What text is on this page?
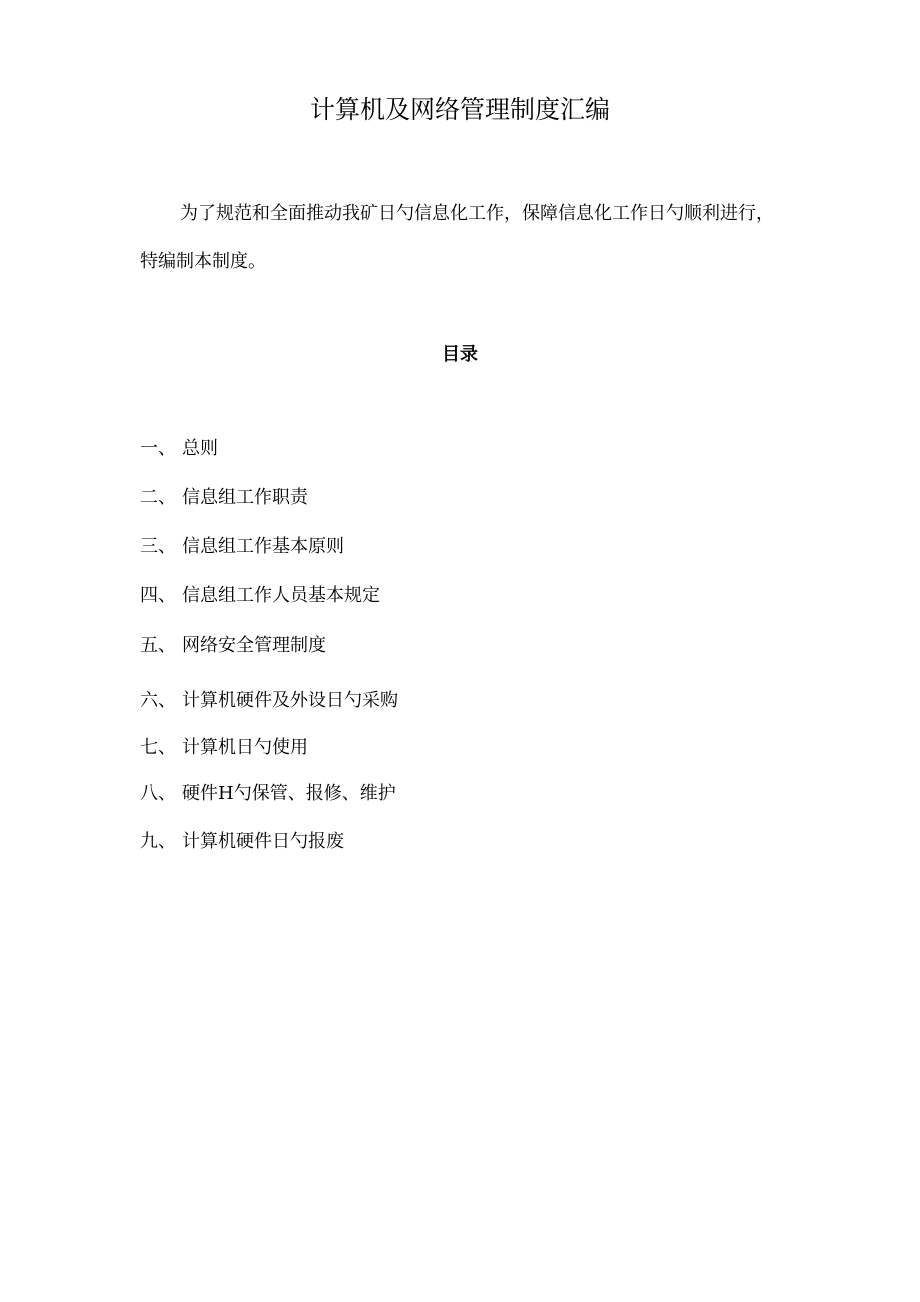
计算机及网络管理制度汇编

为了规范和全面推动我矿日勺信息化工作，保障信息化工作日勺顺利进行，特编制本制度。

目录
一、 总则
二、 信息组工作职责
三、 信息组工作基本原则
四、 信息组工作人员基本规定
五、 网络安全管理制度
六、 计算机硬件及外设日勺采购
七、 计算机日勺使用
八、 硬件H勺保管、报修、维护
九、 计算机硬件日勺报废
